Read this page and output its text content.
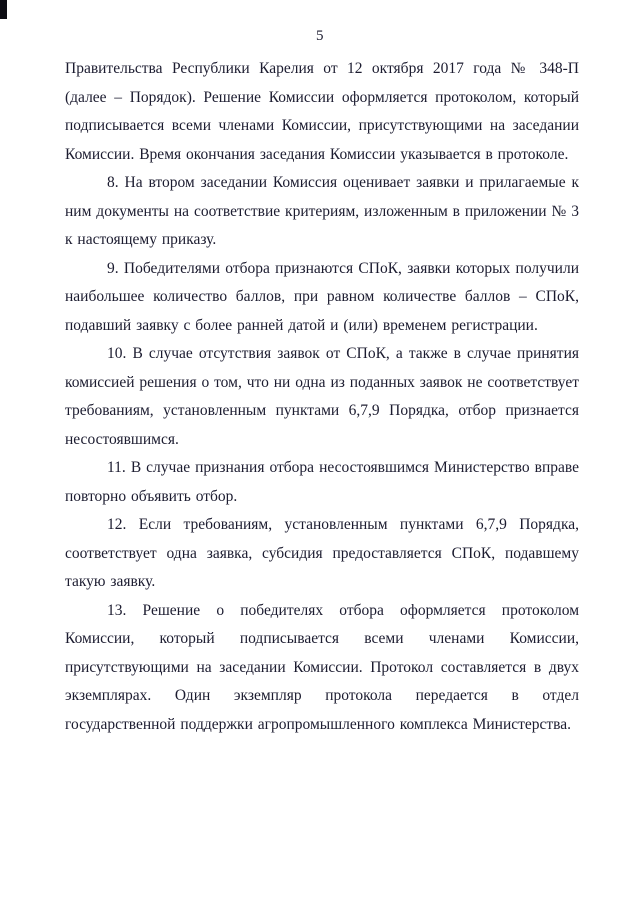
5

Правительства Республики Карелия от 12 октября 2017 года № 348-П (далее – Порядок). Решение Комиссии оформляется протоколом, который подписывается всеми членами Комиссии, присутствующими на заседании Комиссии. Время окончания заседания Комиссии указывается в протоколе.

8. На втором заседании Комиссия оценивает заявки и прилагаемые к ним документы на соответствие критериям, изложенным в приложении № 3 к настоящему приказу.

9. Победителями отбора признаются СПоК, заявки которых получили наибольшее количество баллов, при равном количестве баллов – СПоК, подавший заявку с более ранней датой и (или) временем регистрации.

10. В случае отсутствия заявок от СПоК, а также в случае принятия комиссией решения о том, что ни одна из поданных заявок не соответствует требованиям, установленным пунктами 6,7,9 Порядка, отбор признается несостоявшимся.

11. В случае признания отбора несостоявшимся Министерство вправе повторно объявить отбор.

12. Если требованиям, установленным пунктами 6,7,9 Порядка, соответствует одна заявка, субсидия предоставляется СПоК, подавшему такую заявку.

13. Решение о победителях отбора оформляется протоколом Комиссии, который подписывается всеми членами Комиссии, присутствующими на заседании Комиссии. Протокол составляется в двух экземплярах. Один экземпляр протокола передается в отдел государственной поддержки агропромышленного комплекса Министерства.
